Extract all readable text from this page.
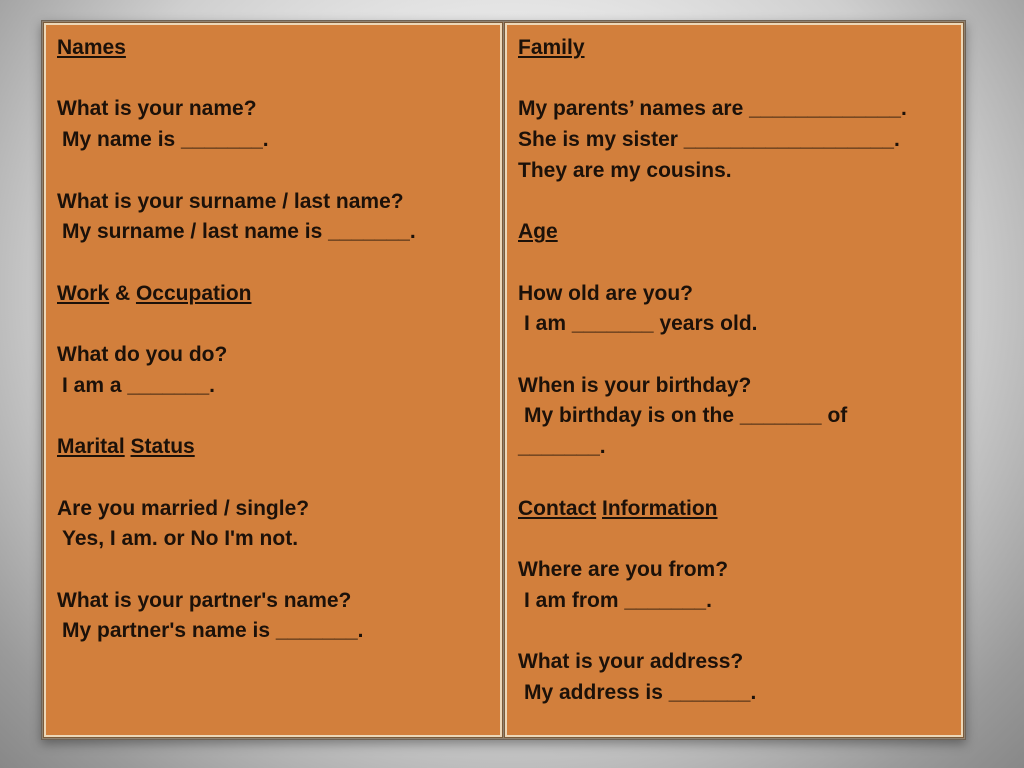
Names

What is your name?
My name is _______.

What is your surname / last name?
My surname / last name is _______.

Work & Occupation

What do you do?
I am a _______.

Marital Status

Are you married / single?
Yes, I am. or No I'm not.

What is your partner's name?
My partner's name is _______.
Family

My parents’ names are _____________.
She is my sister __________________.
They are my cousins.

Age

How old are you?
I am _______ years old.

When is your birthday?
My birthday is on the _______ of
_______.

Contact Information

Where are you from?
I am from _______.

What is your address?
My address is _______.
